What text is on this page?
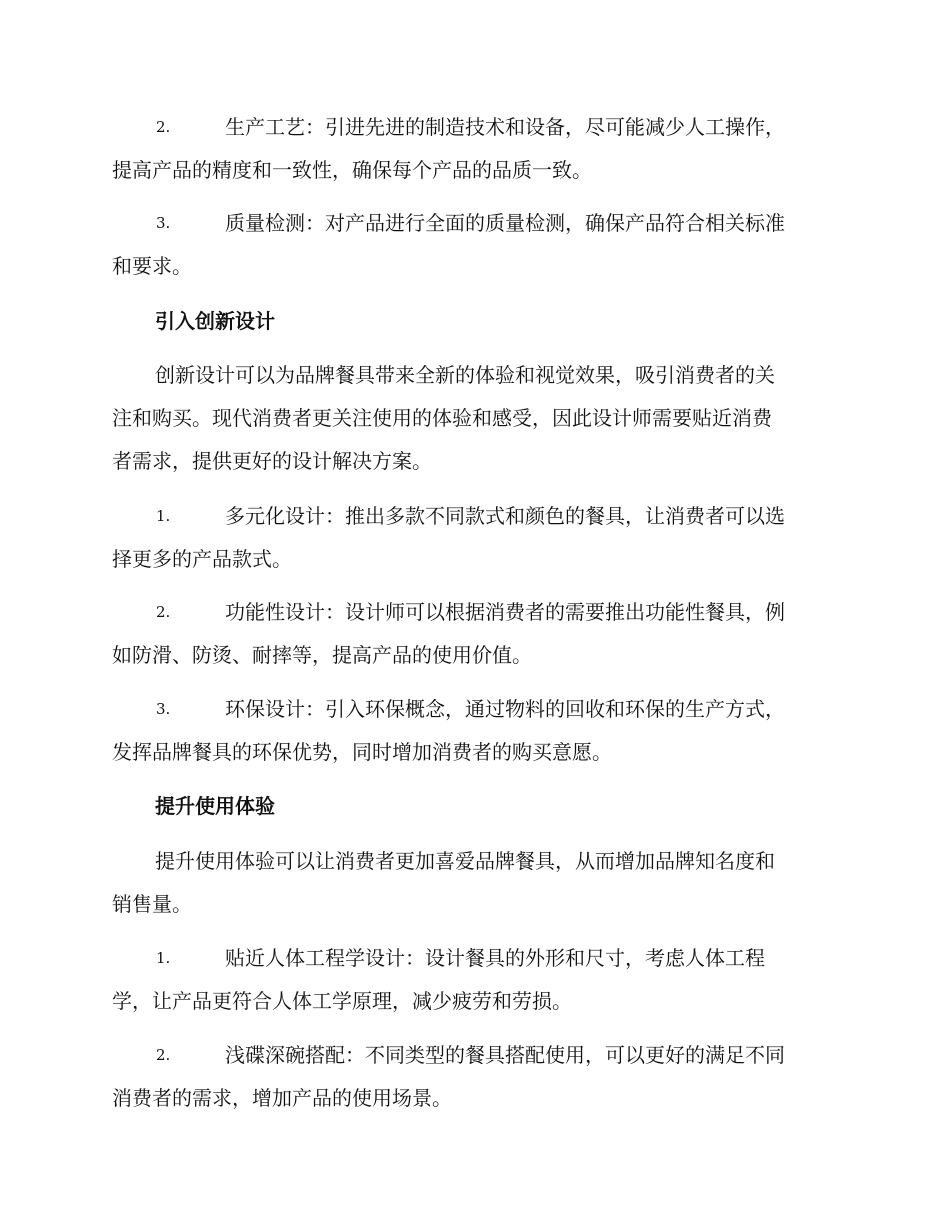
2.	生产工艺：引进先进的制造技术和设备，尽可能减少人工操作，
提高产品的精度和一致性，确保每个产品的品质一致。
3.	质量检测：对产品进行全面的质量检测，确保产品符合相关标准
和要求。
引入创新设计
创新设计可以为品牌餐具带来全新的体验和视觉效果，吸引消费者的关
注和购买。现代消费者更关注使用的体验和感受，因此设计师需要贴近消费
者需求，提供更好的设计解决方案。
1.	多元化设计：推出多款不同款式和颜色的餐具，让消费者可以选
择更多的产品款式。
2.	功能性设计：设计师可以根据消费者的需要推出功能性餐具，例
如防滑、防烫、耐摔等，提高产品的使用价值。
3.	环保设计：引入环保概念，通过物料的回收和环保的生产方式，
发挥品牌餐具的环保优势，同时增加消费者的购买意愿。
提升使用体验
提升使用体验可以让消费者更加喜爱品牌餐具，从而增加品牌知名度和
销售量。
1.	贴近人体工程学设计：设计餐具的外形和尺寸，考虑人体工程
学，让产品更符合人体工学原理，减少疲劳和劳损。
2.	浅碟深碗搭配：不同类型的餐具搭配使用，可以更好的满足不同
消费者的需求，增加产品的使用场景。
